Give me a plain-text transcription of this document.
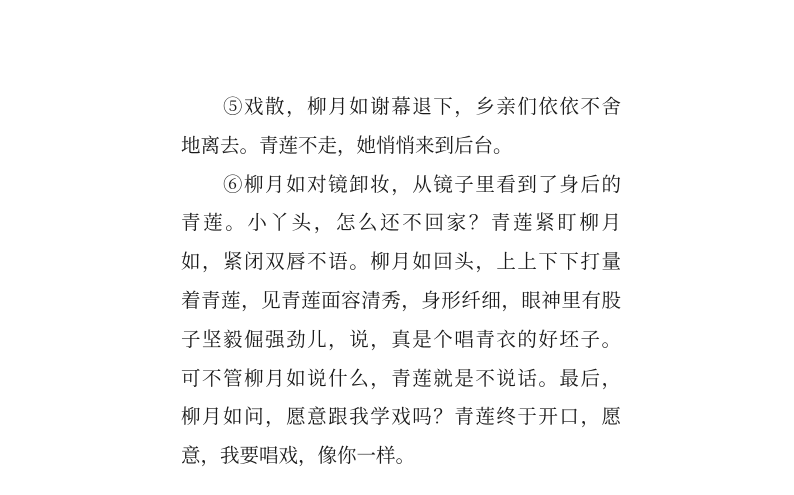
⑤戏散，柳月如谢幕退下，乡亲们依依不舍
地离去。青莲不走，她悄悄来到后台。
⑥柳月如对镜卸妆，从镜子里看到了身后的
青莲。小丫头，怎么还不回家？青莲紧盯柳月
如，紧闭双唇不语。柳月如回头，上上下下打量
着青莲，见青莲面容清秀，身形纤细，眼神里有股
子坚毅倔强劲儿，说，真是个唱青衣的好坯子。
可不管柳月如说什么，青莲就是不说话。最后，
柳月如问，愿意跟我学戏吗？青莲终于开口，愿
意，我要唱戏，像你一样。
